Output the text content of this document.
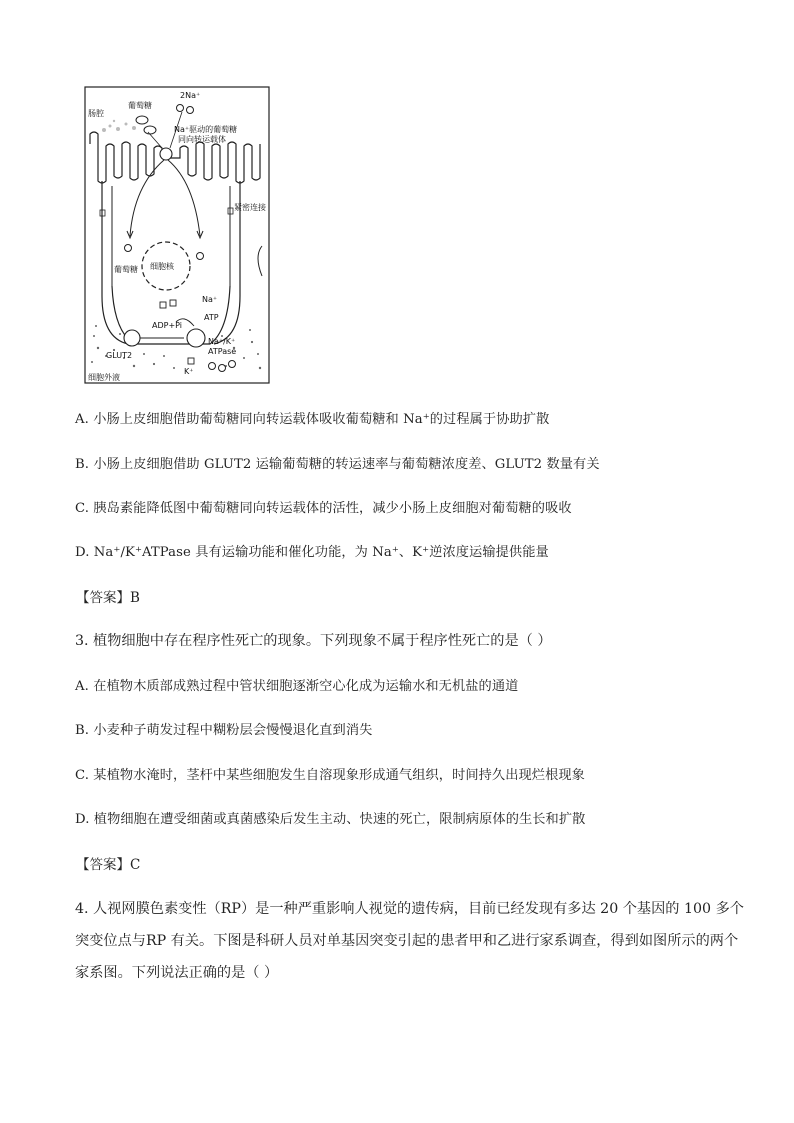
肠腔
葡萄糖
2Na⁺
Na⁺驱动的葡萄糖
同向转运载体
紧密连接
细胞核
葡萄糖
Na⁺
ATP
ADP+Pi
GLUT2
Na⁺/K⁺
ATPase
K⁺
细胞外液
A. 小肠上皮细胞借助葡萄糖同向转运载体吸收葡萄糖和 Na⁺的过程属于协助扩散
B. 小肠上皮细胞借助 GLUT2 运输葡萄糖的转运速率与葡萄糖浓度差、GLUT2 数量有关
C. 胰岛素能降低图中葡萄糖同向转运载体的活性，减少小肠上皮细胞对葡萄糖的吸收
D. Na⁺/K⁺ATPase 具有运输功能和催化功能，为 Na⁺、K⁺逆浓度运输提供能量
【答案】B
3. 植物细胞中存在程序性死亡的现象。下列现象不属于程序性死亡的是（ ）
A. 在植物木质部成熟过程中管状细胞逐渐空心化成为运输水和无机盐的通道
B. 小麦种子萌发过程中糊粉层会慢慢退化直到消失
C. 某植物水淹时，茎杆中某些细胞发生自溶现象形成通气组织，时间持久出现烂根现象
D. 植物细胞在遭受细菌或真菌感染后发生主动、快速的死亡，限制病原体的生长和扩散
【答案】C
4. 人视网膜色素变性（RP）是一种严重影响人视觉的遗传病，目前已经发现有多达 20 个基因的 100 多个
突变位点与RP 有关。下图是科研人员对单基因突变引起的患者甲和乙进行家系调查，得到如图所示的两个
家系图。下列说法正确的是（ ）
